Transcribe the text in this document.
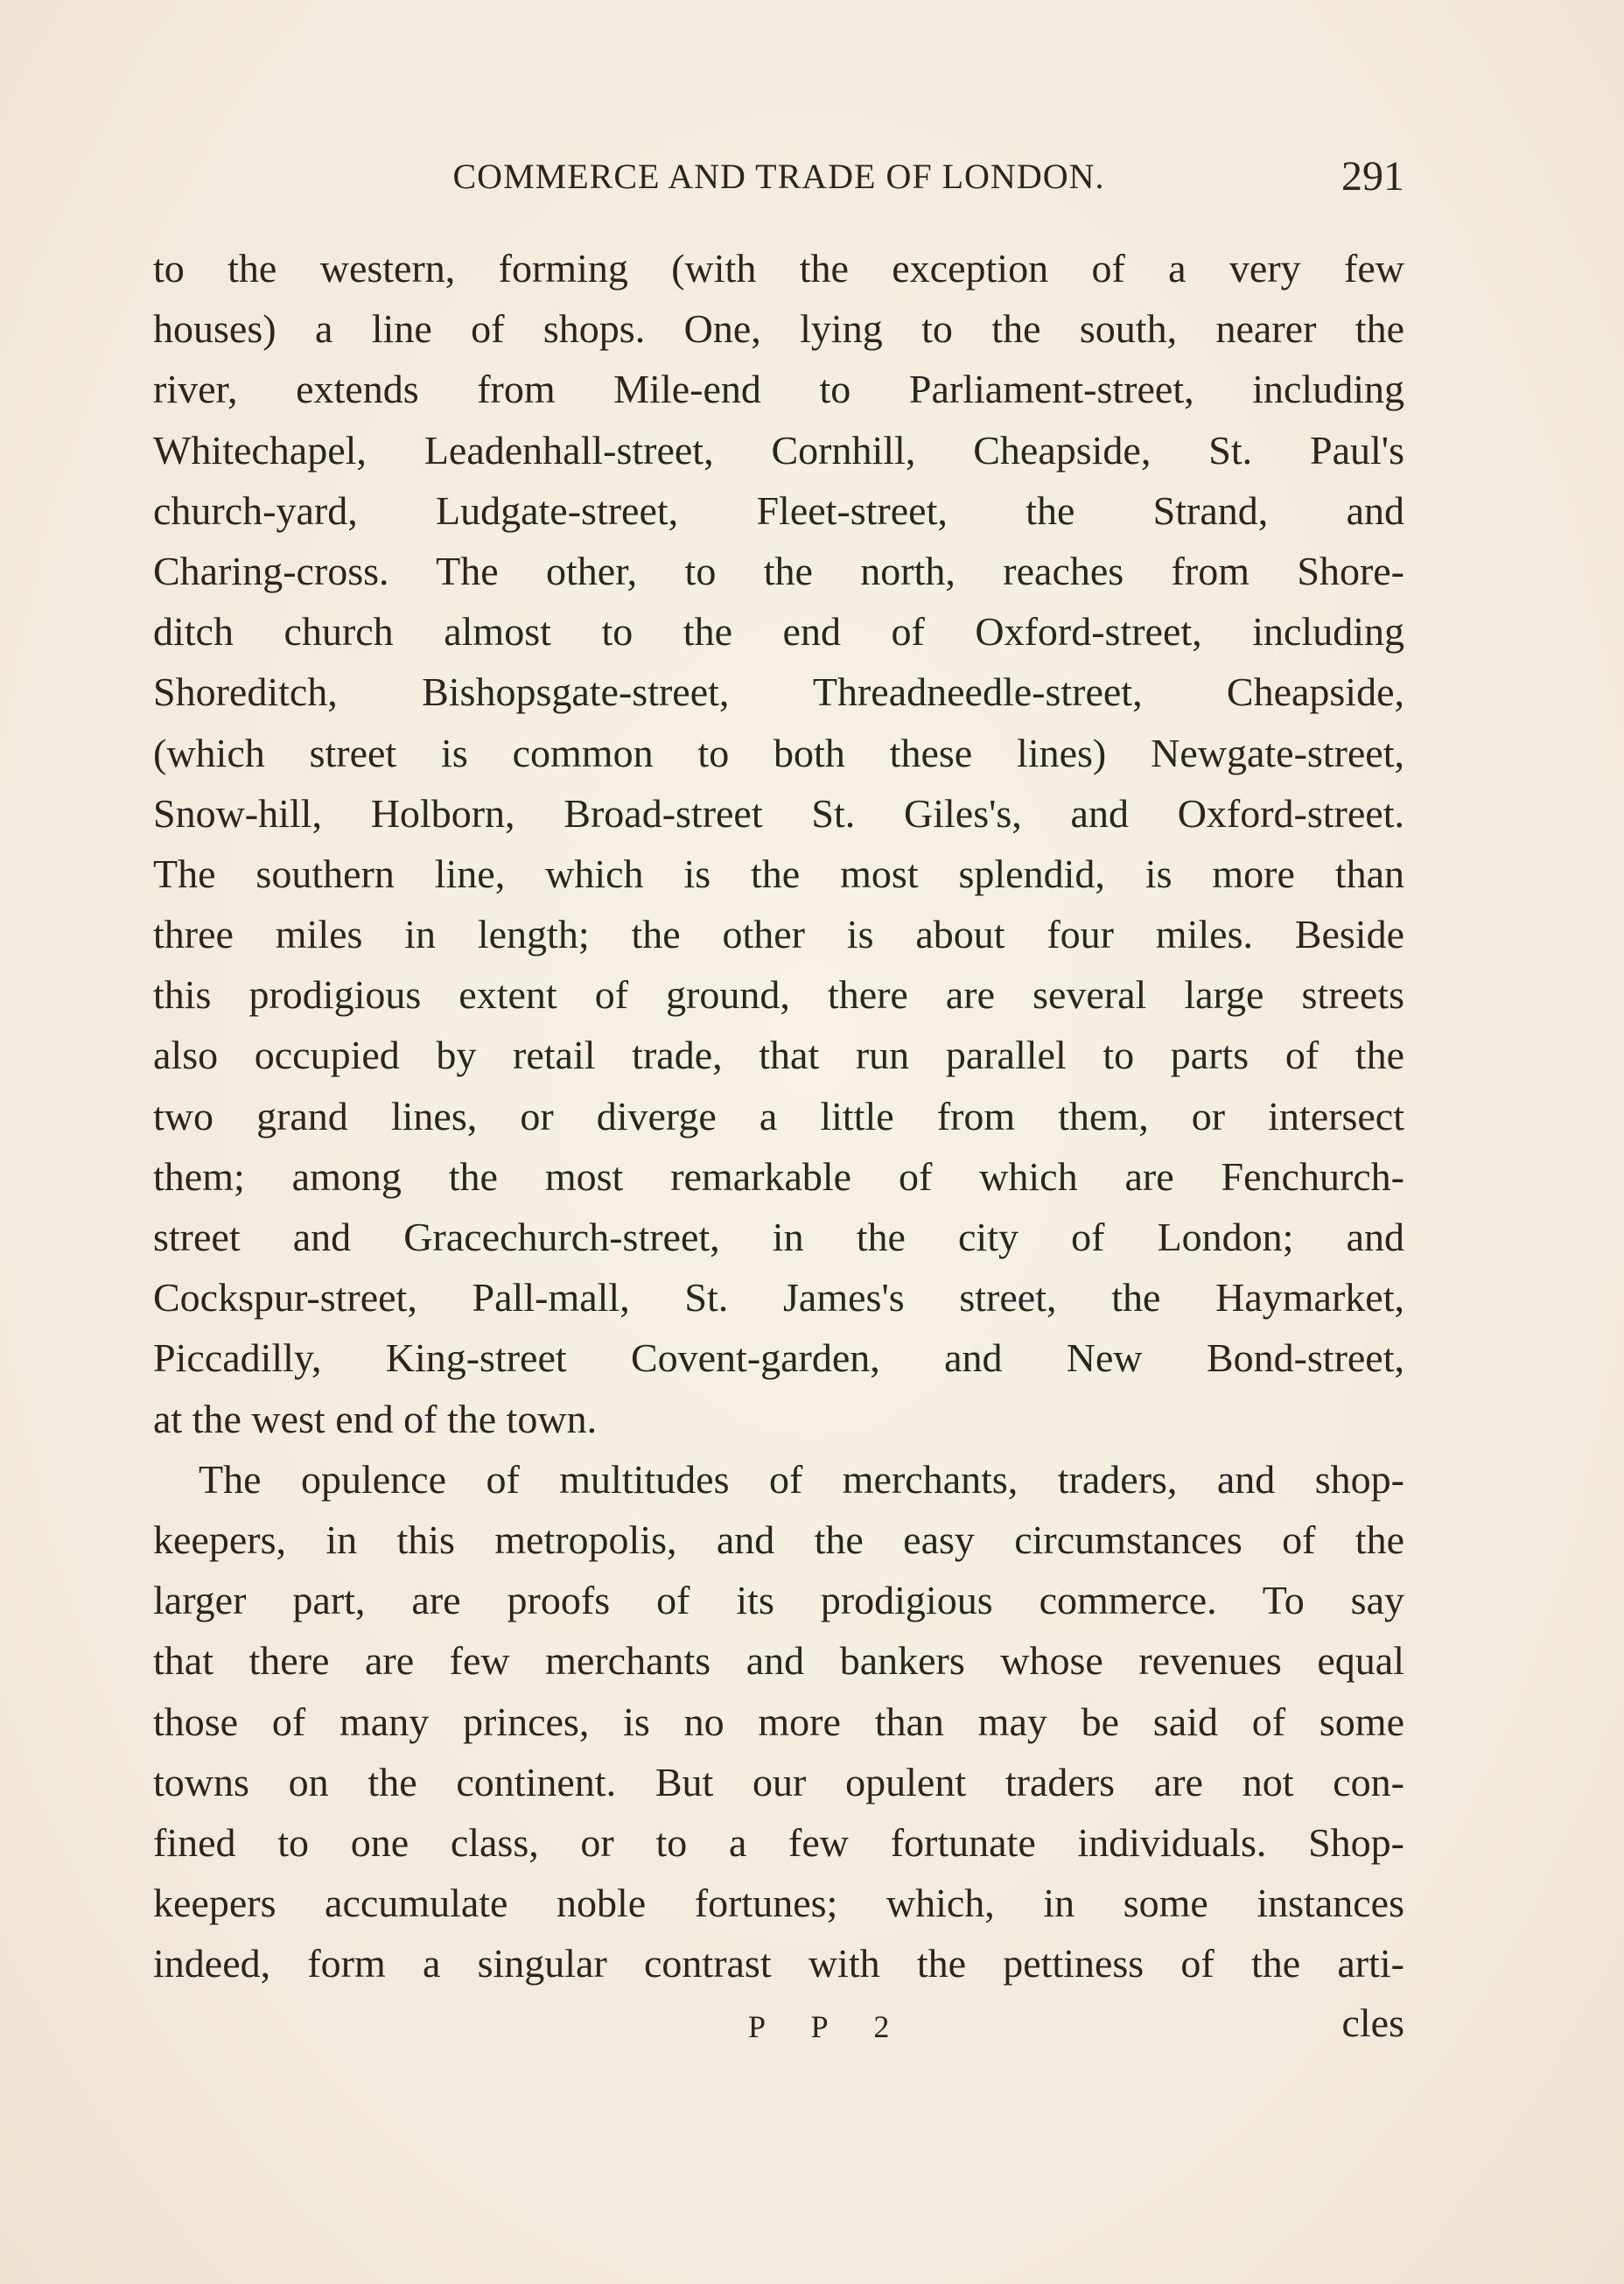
COMMERCE AND TRADE OF LONDON.	291
to the western, forming (with the exception of a very few
houses) a line of shops. One, lying to the south, nearer the
river, extends from Mile-end to Parliament-street, including
Whitechapel, Leadenhall-street, Cornhill, Cheapside, St. Paul's
church-yard, Ludgate-street, Fleet-street, the Strand, and
Charing-cross. The other, to the north, reaches from Shore-
ditch church almost to the end of Oxford-street, including
Shoreditch, Bishopsgate-street, Threadneedle-street, Cheapside,
(which street is common to both these lines) Newgate-street,
Snow-hill, Holborn, Broad-street St. Giles's, and Oxford-street.
The southern line, which is the most splendid, is more than
three miles in length; the other is about four miles. Beside
this prodigious extent of ground, there are several large streets
also occupied by retail trade, that run parallel to parts of the
two grand lines, or diverge a little from them, or intersect
them; among the most remarkable of which are Fenchurch-
street and Gracechurch-street, in the city of London; and
Cockspur-street, Pall-mall, St. James's street, the Haymarket,
Piccadilly, King-street Covent-garden, and New Bond-street,
at the west end of the town.
The opulence of multitudes of merchants, traders, and shop-
keepers, in this metropolis, and the easy circumstances of the
larger part, are proofs of its prodigious commerce. To say
that there are few merchants and bankers whose revenues equal
those of many princes, is no more than may be said of some
towns on the continent. But our opulent traders are not con-
fined to one class, or to a few fortunate individuals. Shop-
keepers accumulate noble fortunes; which, in some instances
indeed, form a singular contrast with the pettiness of the arti-
P P 2	cles
